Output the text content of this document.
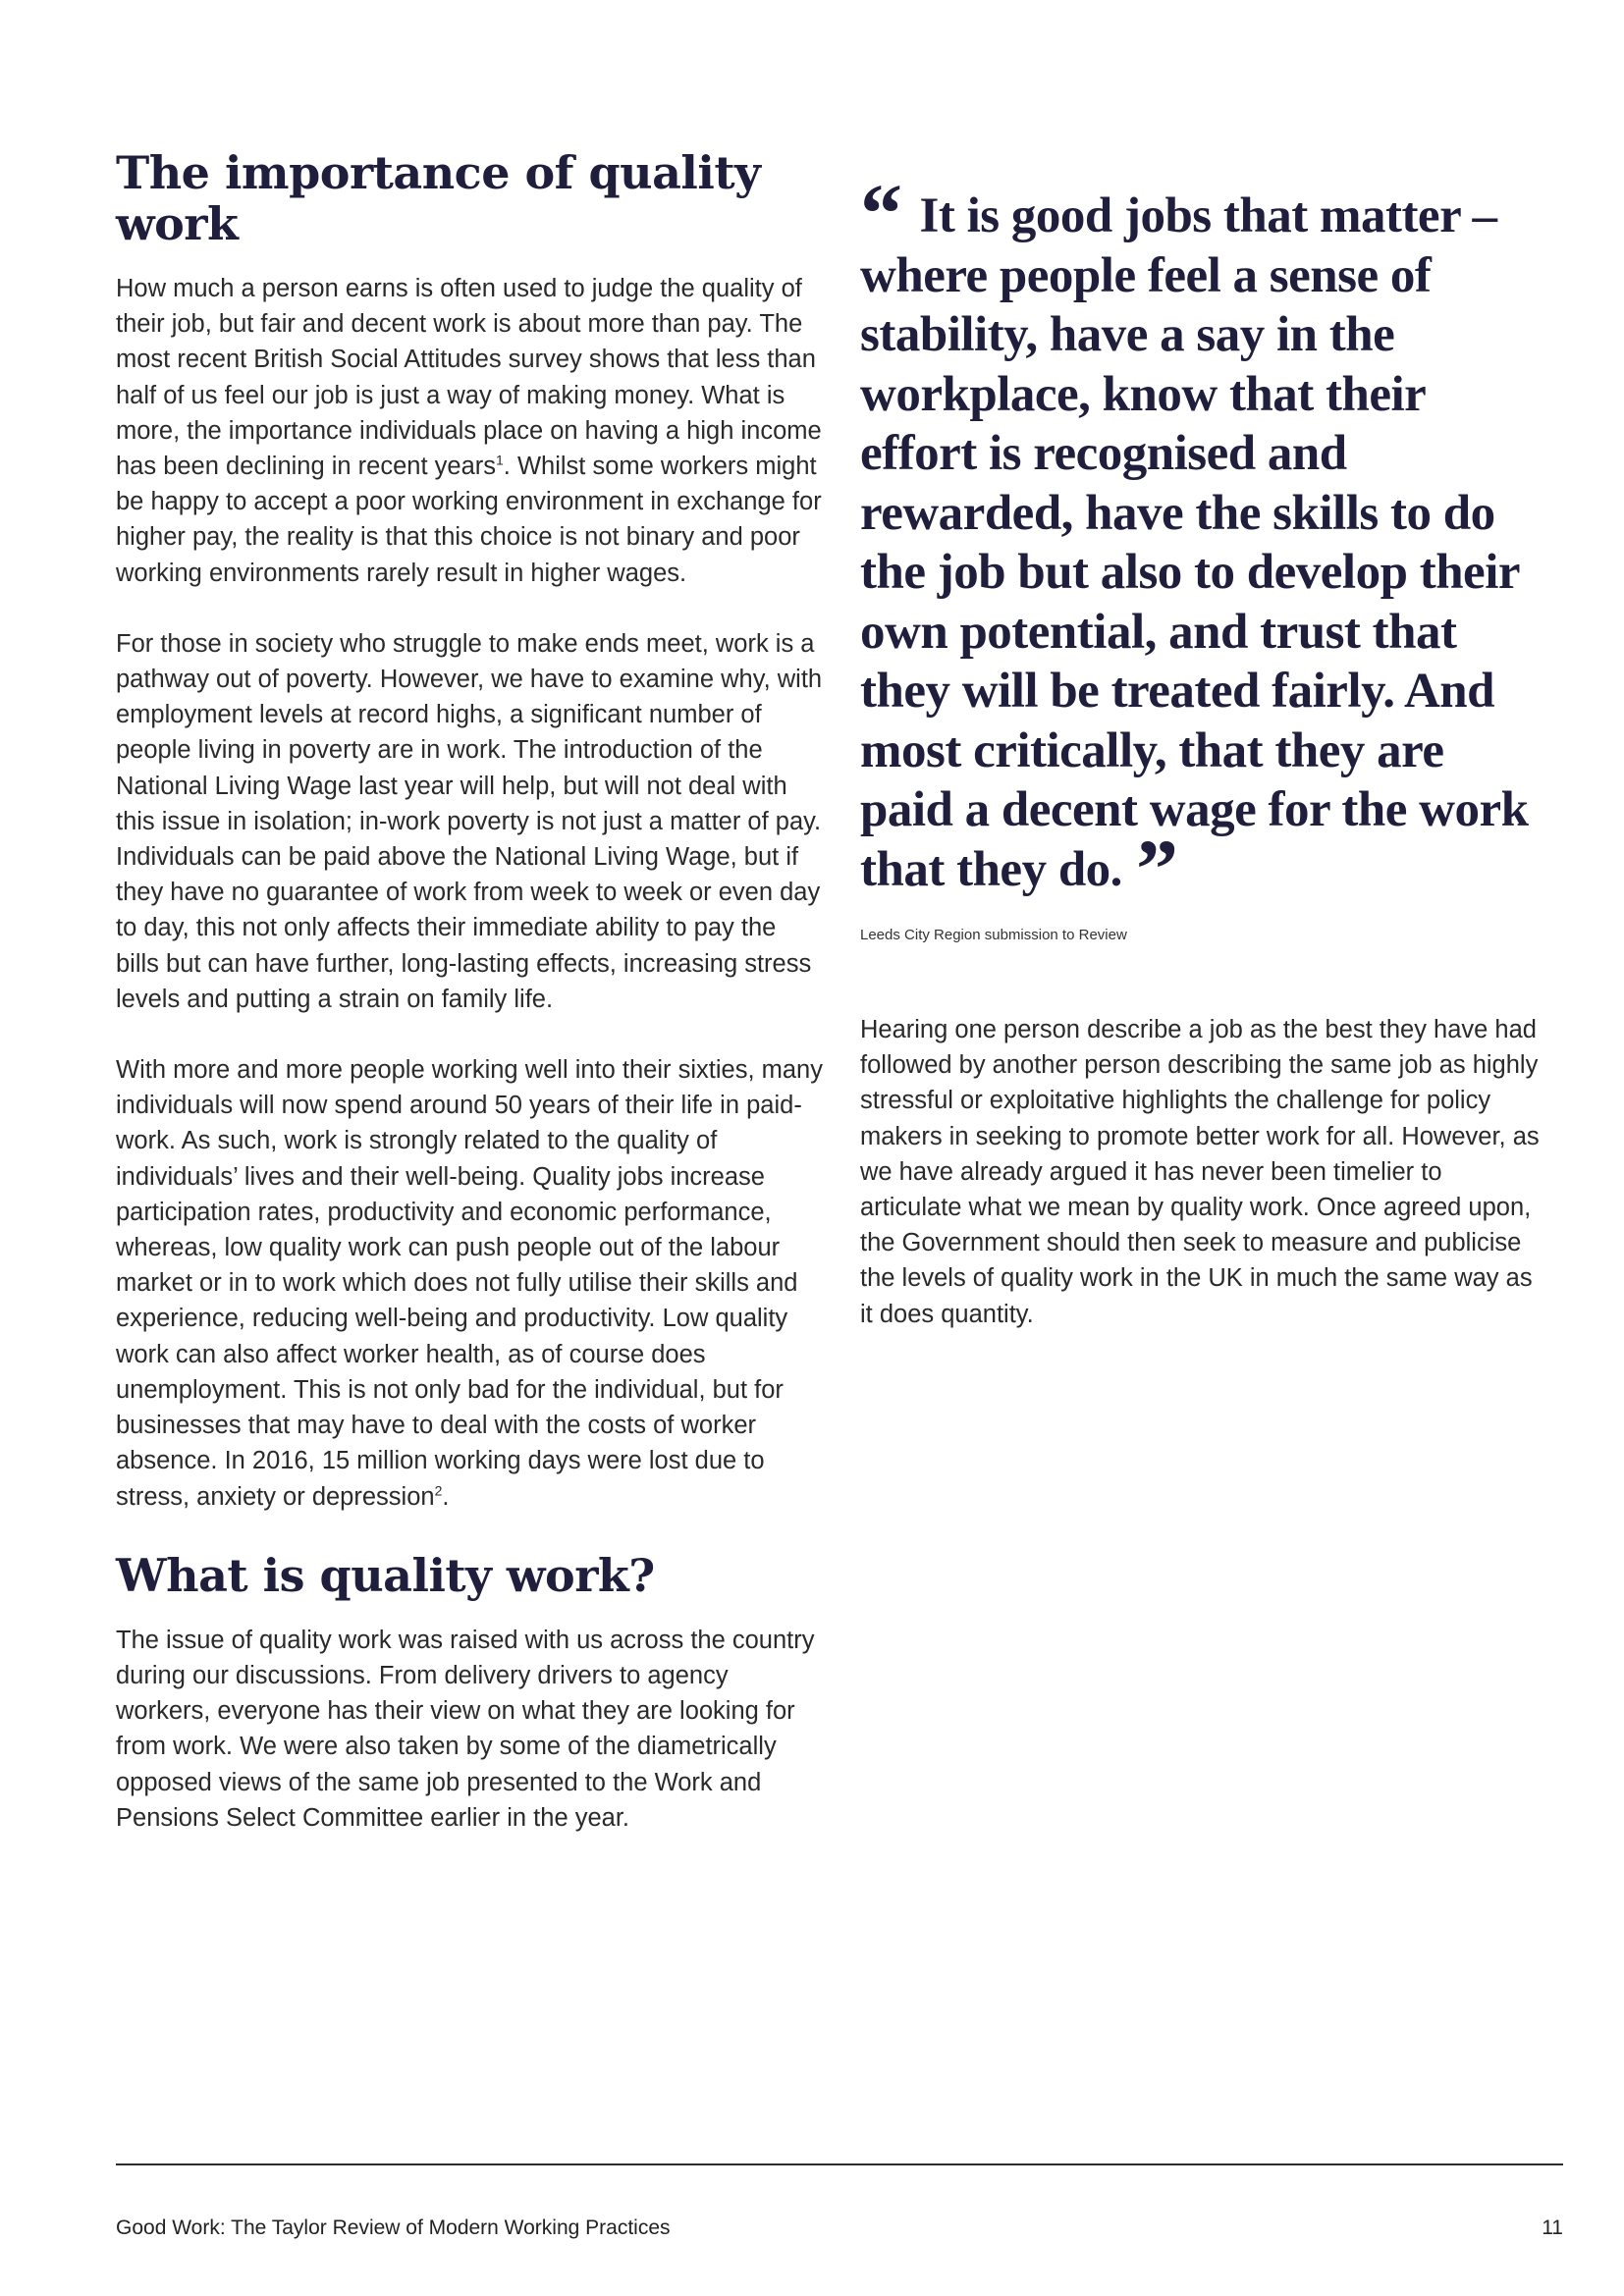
The importance of quality work

How much a person earns is often used to judge the quality of their job, but fair and decent work is about more than pay. The most recent British Social Attitudes survey shows that less than half of us feel our job is just a way of making money. What is more, the importance individuals place on having a high income has been declining in recent years$^1$. Whilst some workers might be happy to accept a poor working environment in exchange for higher pay, the reality is that this choice is not binary and poor working environments rarely result in higher wages.

For those in society who struggle to make ends meet, work is a pathway out of poverty. However, we have to examine why, with employment levels at record highs, a significant number of people living in poverty are in work. The introduction of the National Living Wage last year will help, but will not deal with this issue in isolation; in-work poverty is not just a matter of pay. Individuals can be paid above the National Living Wage, but if they have no guarantee of work from week to week or even day to day, this not only affects their immediate ability to pay the bills but can have further, long-lasting effects, increasing stress levels and putting a strain on family life.

With more and more people working well into their sixties, many individuals will now spend around 50 years of their life in paid-work. As such, work is strongly related to the quality of individuals’ lives and their well-being. Quality jobs increase participation rates, productivity and economic performance, whereas, low quality work can push people out of the labour market or in to work which does not fully utilise their skills and experience, reducing well-being and productivity. Low quality work can also affect worker health, as of course does unemployment. This is not only bad for the individual, but for businesses that may have to deal with the costs of worker absence. In 2016, 15 million working days were lost due to stress, anxiety or depression$^2$.

What is quality work?

The issue of quality work was raised with us across the country during our discussions. From delivery drivers to agency workers, everyone has their view on what they are looking for from work. We were also taken by some of the diametrically opposed views of the same job presented to the Work and Pensions Select Committee earlier in the year.

“ It is good jobs that matter – where people feel a sense of stability, have a say in the workplace, know that their effort is recognised and rewarded, have the skills to do the job but also to develop their own potential, and trust that they will be treated fairly. And most critically, that they are paid a decent wage for the work that they do. ”

Leeds City Region submission to Review

Hearing one person describe a job as the best they have had followed by another person describing the same job as highly stressful or exploitative highlights the challenge for policy makers in seeking to promote better work for all. However, as we have already argued it has never been timelier to articulate what we mean by quality work. Once agreed upon, the Government should then seek to measure and publicise the levels of quality work in the UK in much the same way as it does quantity.

Good Work: The Taylor Review of Modern Working Practices	11
